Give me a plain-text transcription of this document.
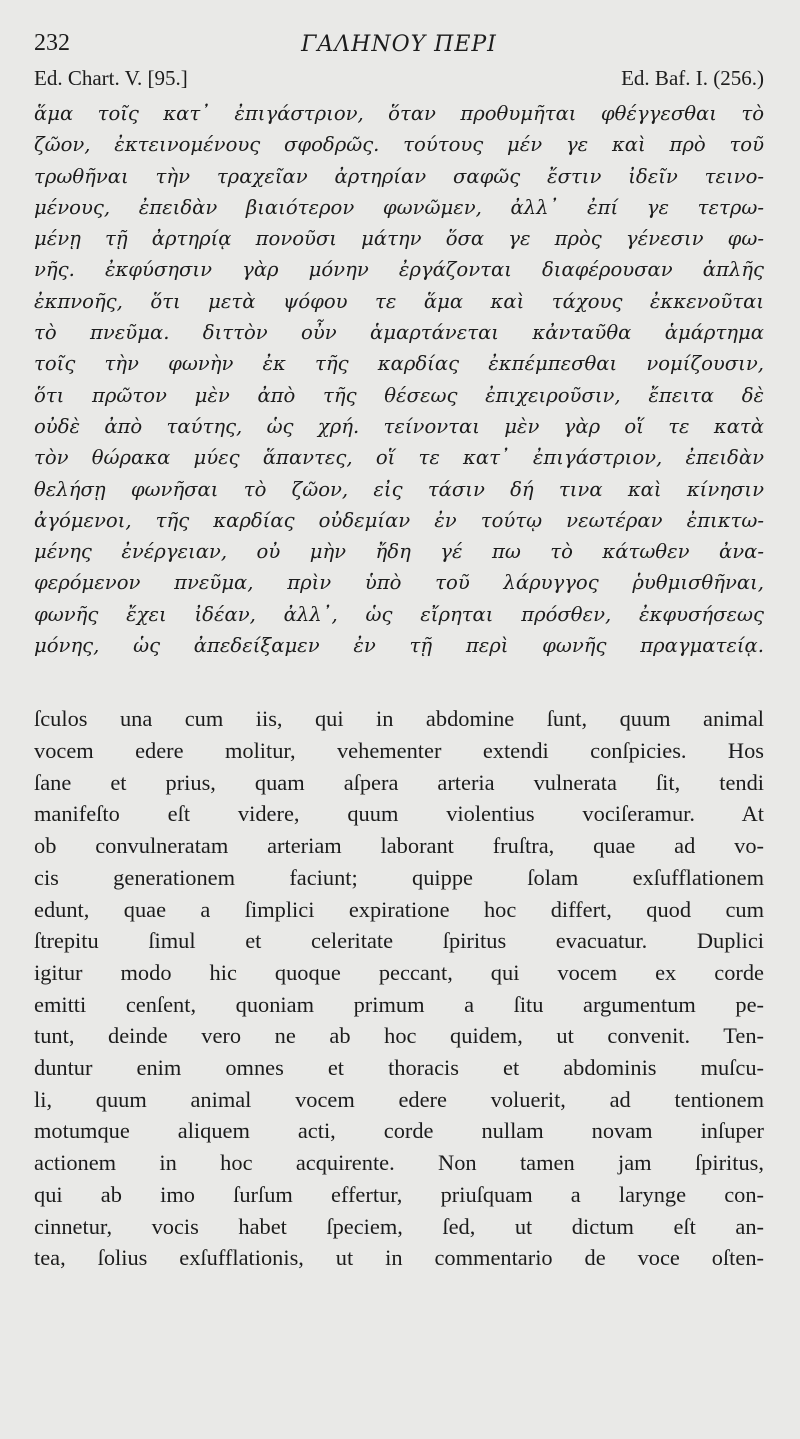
232	ΓΑΛΗΝΟΥ ΠΕΡΙ
Ed. Chart. V. [95.]	Ed. Baf. I. (256.)
ἅμα τοῖς κατ᾽ ἐπιγάστριον, ὅταν προθυμῆται φθέγγεσθαι τὸ
ζῶον, ἐκτεινομένους σφοδρῶς. τούτους μέν γε καὶ πρὸ τοῦ
τρωθῆναι τὴν τραχεῖαν ἀρτηρίαν σαφῶς ἔστιν ἰδεῖν τεινο-
μένους, ἐπειδὰν βιαιότερον φωνῶμεν, ἀλλ᾽ ἐπί γε τετρω-
μένῃ τῇ ἀρτηρίᾳ πονοῦσι μάτην ὅσα γε πρὸς γένεσιν φω-
νῆς. ἐκφύσησιν γὰρ μόνην ἐργάζονται διαφέρουσαν ἁπλῆς
ἐκπνοῆς, ὅτι μετὰ ψόφου τε ἅμα καὶ τάχους ἐκκενοῦται
τὸ πνεῦμα. διττὸν οὖν ἁμαρτάνεται κἀνταῦθα ἁμάρτημα
τοῖς τὴν φωνὴν ἐκ τῆς καρδίας ἐκπέμπεσθαι νομίζουσιν,
ὅτι πρῶτον μὲν ἀπὸ τῆς θέσεως ἐπιχειροῦσιν, ἔπειτα δὲ
οὐδὲ ἀπὸ ταύτης, ὡς χρή. τείνονται μὲν γὰρ οἵ τε κατὰ
τὸν θώρακα μύες ἅπαντες, οἵ τε κατ᾽ ἐπιγάστριον, ἐπειδὰν
θελήσῃ φωνῆσαι τὸ ζῶον, εἰς τάσιν δή τινα καὶ κίνησιν
ἀγόμενοι, τῆς καρδίας οὐδεμίαν ἐν τούτῳ νεωτέραν ἐπικτω-
μένης ἐνέργειαν, οὐ μὴν ἤδη γέ πω τὸ κάτωθεν ἀνα-
φερόμενον πνεῦμα, πρὶν ὑπὸ τοῦ λάρυγγος ῥυθμισθῆναι,
φωνῆς ἔχει ἰδέαν, ἀλλ᾽, ὡς εἴρηται πρόσθεν, ἐκφυσήσεως
μόνης, ὡς ἀπεδείξαμεν ἐν τῇ περὶ φωνῆς πραγματείᾳ.
ſculos una cum iis, qui in abdomine ſunt, quum animal
vocem edere molitur, vehementer extendi conſpicies. Hos
ſane et prius, quam aſpera arteria vulnerata ſit, tendi
manifeſto eſt videre, quum violentius vociſeramur. At
ob convulneratam arteriam laborant fruſtra, quae ad vo-
cis generationem faciunt; quippe ſolam exſufflationem
edunt, quae a ſimplici expiratione hoc differt, quod cum
ſtrepitu ſimul et celeritate ſpiritus evacuatur. Duplici
igitur modo hic quoque peccant, qui vocem ex corde
emitti cenſent, quoniam primum a ſitu argumentum pe-
tunt, deinde vero ne ab hoc quidem, ut convenit. Ten-
duntur enim omnes et thoracis et abdominis muſcu-
li, quum animal vocem edere voluerit, ad tentionem
motumque aliquem acti, corde nullam novam inſuper
actionem in hoc acquirente. Non tamen jam ſpiritus,
qui ab imo ſurſum effertur, priuſquam a larynge con-
cinnetur, vocis habet ſpeciem, ſed, ut dictum eſt an-
tea, ſolius exſufflationis, ut in commentario de voce oſten-
